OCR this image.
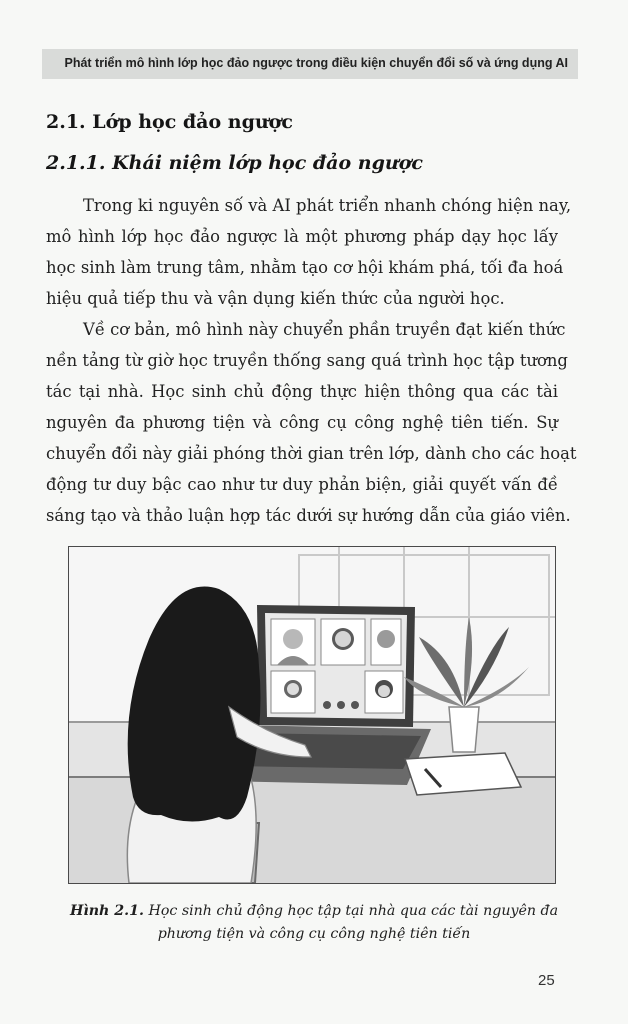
Phát triển mô hình lớp học đảo ngược trong điều kiện chuyển đổi số và ứng dụng AI
2.1. Lớp học đảo ngược
2.1.1. Khái niệm lớp học đảo ngược
Trong ki nguyên số và AI phát triển nhanh chóng hiện nay,
mô hình lớp học đảo ngược là một phương pháp dạy học lấy
học sinh làm trung tâm, nhằm tạo cơ hội khám phá, tối đa hoá
hiệu quả tiếp thu và vận dụng kiến thức của người học.
Về cơ bản, mô hình này chuyển phần truyền đạt kiến thức
nền tảng từ giờ học truyền thống sang quá trình học tập tương
tác tại nhà. Học sinh chủ động thực hiện thông qua các tài
nguyên đa phương tiện và công cụ công nghệ tiên tiến. Sự
chuyển đổi này giải phóng thời gian trên lớp, dành cho các hoạt
động tư duy bậc cao như tư duy phản biện, giải quyết vấn đề
sáng tạo và thảo luận hợp tác dưới sự hướng dẫn của giáo viên.
Hình 2.1. Học sinh chủ động học tập tại nhà qua các tài nguyên đa
phương tiện và công cụ công nghệ tiên tiến
25
